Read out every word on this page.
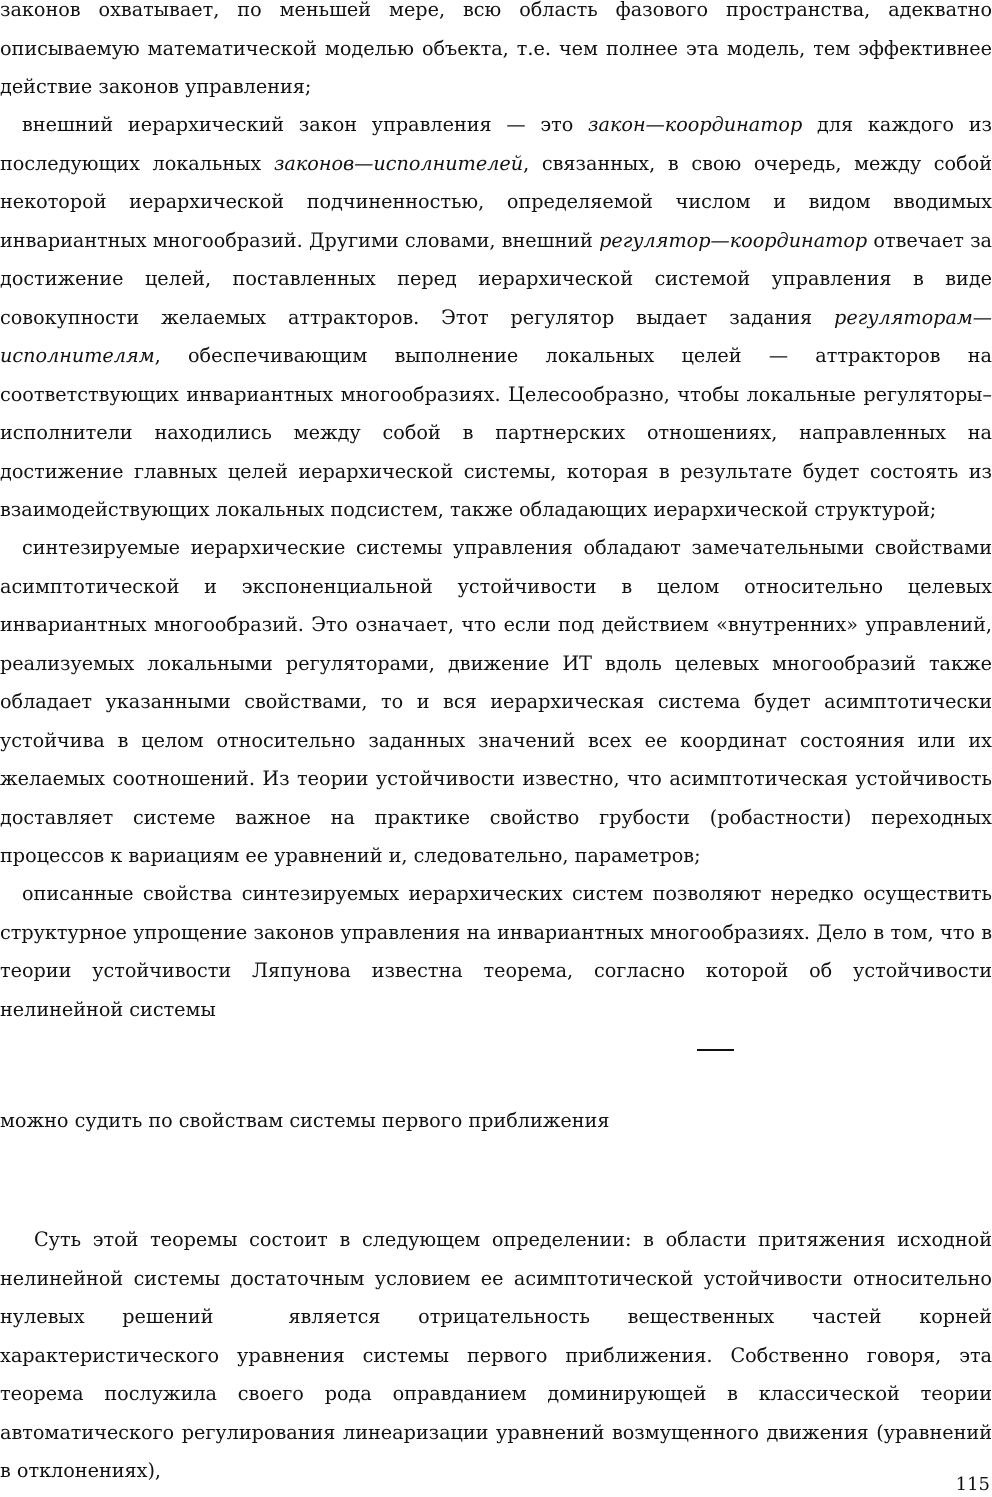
законов охватывает, по меньшей мере, всю область фазового пространства, адекватно описываемую математической моделью объекта, т.е. чем полнее эта модель, тем эффективнее действие законов управления;

внешний иерархический закон управления — это закон—координатор для каждого из последующих локальных законов—исполнителей, связанных, в свою очередь, между собой некоторой иерархической подчиненностью, определяемой числом и видом вводимых инвариантных многообразий. Другими словами, внешний регулятор—координатор отвечает за достижение целей, поставленных перед иерархической системой управления в виде совокупности желаемых аттракторов. Этот регулятор выдает задания регуляторам—исполнителям, обеспечивающим выполнение локальных целей — аттракторов на соответствующих инвариантных многообразиях. Целесообразно, чтобы локальные регуляторы–исполнители находились между собой в партнерских отношениях, направленных на достижение главных целей иерархической системы, которая в результате будет состоять из взаимодействующих локальных подсистем, также обладающих иерархической структурой;

синтезируемые иерархические системы управления обладают замечательными свойствами асимптотической и экспоненциальной устойчивости в целом относительно целевых инвариантных многообразий. Это означает, что если под действием «внутренних» управлений, реализуемых локальными регуляторами, движение ИТ вдоль целевых многообразий также обладает указанными свойствами, то и вся иерархическая система будет асимптотически устойчива в целом относительно заданных значений всех ее координат состояния или их желаемых соотношений. Из теории устойчивости известно, что асимптотическая устойчивость доставляет системе важное на практике свойство грубости (робастности) переходных процессов к вариациям ее уравнений и, следовательно, параметров;

описанные свойства синтезируемых иерархических систем позволяют нередко осуществить структурное упрощение законов управления на инвариантных многообразиях. Дело в том, что в теории устойчивости Ляпунова известна теорема, согласно которой об устойчивости нелинейной системы

можно судить по свойствам системы первого приближения

Суть этой теоремы состоит в следующем определении: в области притяжения исходной нелинейной системы достаточным условием ее асимптотической устойчивости относительно нулевых решений	является отрицательность вещественных частей корней характеристического уравнения системы первого приближения. Собственно говоря, эта теорема послужила своего рода оправданием доминирующей в классической теории автоматического регулирования линеаризации уравнений возмущенного движения (уравнений в отклонениях),

115
